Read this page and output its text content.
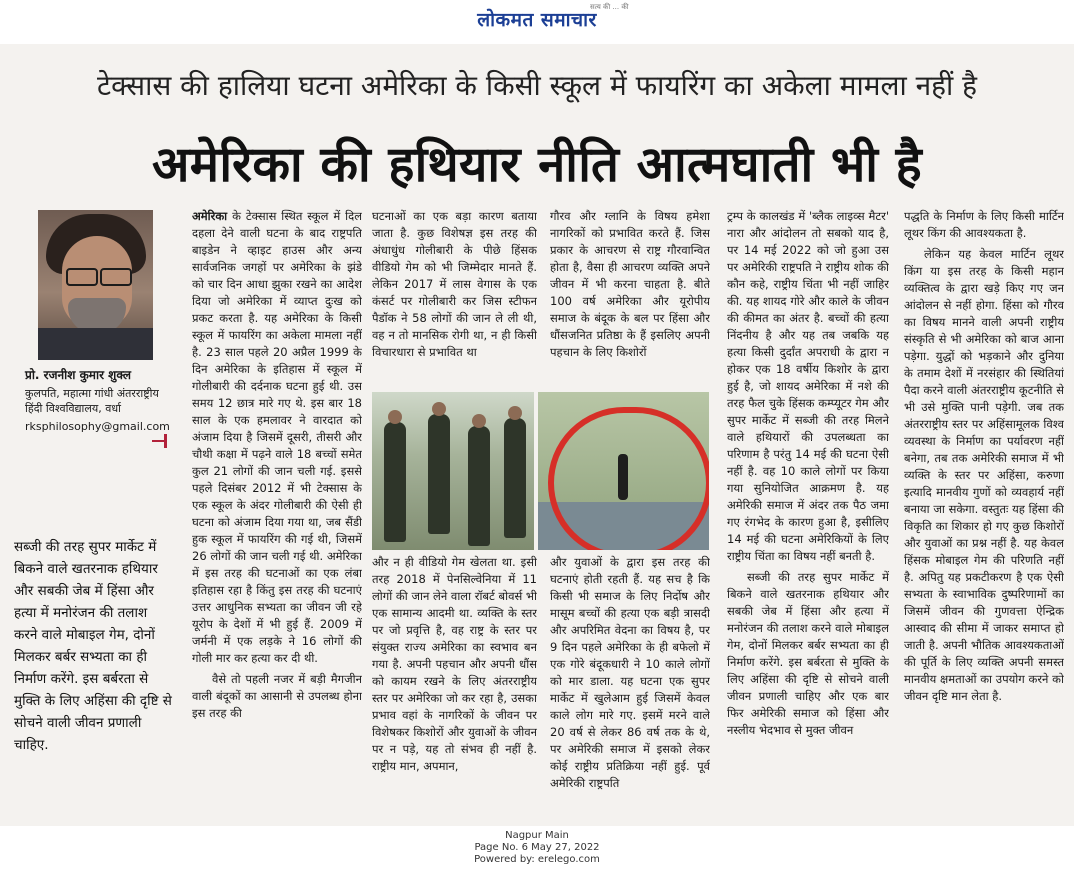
लोकमत समाचार
सत्य की ... की
टेक्सास की हालिया घटना अमेरिका के किसी स्कूल में फायरिंग का अकेला मामला नहीं है
अमेरिका की हथियार नीति आत्मघाती भी है
प्रो. रजनीश कुमार शुक्ल
कुलपति, महात्मा गांधी अंतरराष्ट्रीय हिंदी विश्वविद्यालय, वर्धा
rksphilosophy@gmail.com
सब्जी की तरह सुपर मार्केट में बिकने वाले खतरनाक हथियार और सबकी जेब में हिंसा और हत्या में मनोरंजन की तलाश करने वाले मोबाइल गेम, दोनों मिलकर बर्बर सभ्यता का ही निर्माण करेंगे. इस बर्बरता से मुक्ति के लिए अहिंसा की दृष्टि से सोचने वाली जीवन प्रणाली चाहिए.

अमेरिका के टेक्सास स्थित स्कूल में दिल दहला देने वाली घटना के बाद राष्ट्रपति बाइडेन ने व्हाइट हाउस और अन्य सार्वजनिक जगहों पर अमेरिका के झंडे को चार दिन आधा झुका रखने का आदेश दिया जो अमेरिका में व्याप्त दुःख को प्रकट करता है. यह अमेरिका के किसी स्कूल में फायरिंग का अकेला मामला नहीं है. 23 साल पहले 20 अप्रैल 1999 के दिन अमेरिका के इतिहास में स्कूल में गोलीबारी की दर्दनाक घटना हुई थी. उस समय 12 छात्र मारे गए थे. इस बार 18 साल के एक हमलावर ने वारदात को अंजाम दिया है जिसमें दूसरी, तीसरी और चौथी कक्षा में पढ़ने वाले 18 बच्चों समेत कुल 21 लोगों की जान चली गई. इससे पहले दिसंबर 2012 में भी टेक्सास के एक स्कूल के अंदर गोलीबारी की ऐसी ही घटना को अंजाम दिया गया था, जब सैंडी हुक स्कूल में फायरिंग की गई थी, जिसमें 26 लोगों की जान चली गई थी. अमेरिका में इस तरह की घटनाओं का एक लंबा इतिहास रहा है किंतु इस तरह की घटनाएं उत्तर आधुनिक सभ्यता का जीवन जी रहे यूरोप के देशों में भी हुई हैं. 2009 में जर्मनी में एक लड़के ने 16 लोगों की गोली मार कर हत्या कर दी थी.

वैसे तो पहली नजर में बड़ी मैगजीन वाली बंदूकों का आसानी से उपलब्ध होना इस तरह की

घटनाओं का एक बड़ा कारण बताया जाता है. कुछ विशेषज्ञ इस तरह की अंधाधुंध गोलीबारी के पीछे हिंसक वीडियो गेम को भी जिम्मेदार मानते हैं. लेकिन 2017 में लास वेगास के एक कंसर्ट पर गोलीबारी कर जिस स्टीफन पैडॉक ने 58 लोगों की जान ले ली थी, वह न तो मानसिक रोगी था, न ही किसी विचारधारा से प्रभावित था
गौरव और ग्लानि के विषय हमेशा नागरिकों को प्रभावित करते हैं. जिस प्रकार के आचरण से राष्ट्र गौरवान्वित होता है, वैसा ही आचरण व्यक्ति अपने जीवन में भी करना चाहता है. बीते 100 वर्ष अमेरिका और यूरोपीय समाज के बंदूक के बल पर हिंसा और धौंसजनित प्रतिष्ठा के हैं इसलिए अपनी पहचान के लिए किशोरों
और न ही वीडियो गेम खेलता था. इसी तरह 2018 में पेनसिल्वेनिया में 11 लोगों की जान लेने वाला रॉबर्ट बोवर्स भी एक सामान्य आदमी था. व्यक्ति के स्तर पर जो प्रवृत्ति है, वह राष्ट्र के स्तर पर संयुक्त राज्य अमेरिका का स्वभाव बन गया है. अपनी पहचान और अपनी धौंस को कायम रखने के लिए अंतरराष्ट्रीय स्तर पर अमेरिका जो कर रहा है, उसका प्रभाव वहां के नागरिकों के जीवन पर विशेषकर किशोरों और युवाओं के जीवन पर न पड़े, यह तो संभव ही नहीं है. राष्ट्रीय मान, अपमान,
और युवाओं के द्वारा इस तरह की घटनाएं होती रहती हैं. यह सच है कि किसी भी समाज के लिए निर्दोष और मासूम बच्चों की हत्या एक बड़ी त्रासदी और अपरिमित वेदना का विषय है, पर 9 दिन पहले अमेरिका के ही बफेलो में एक गोरे बंदूकधारी ने 10 काले लोगों को मार डाला. यह घटना एक सुपर मार्केट में खुलेआम हुई जिसमें केवल काले लोग मारे गए. इसमें मरने वाले 20 वर्ष से लेकर 86 वर्ष तक के थे, पर अमेरिकी समाज में इसको लेकर कोई राष्ट्रीय प्रतिक्रिया नहीं हुई. पूर्व अमेरिकी राष्ट्रपति

ट्रम्प के कालखंड में 'ब्लैक लाइव्स मैटर' नारा और आंदोलन तो सबको याद है, पर 14 मई 2022 को जो हुआ उस पर अमेरिकी राष्ट्रपति ने राष्ट्रीय शोक की कौन कहे, राष्ट्रीय चिंता भी नहीं जाहिर की. यह शायद गोरे और काले के जीवन की कीमत का अंतर है. बच्चों की हत्या निंदनीय है और यह तब जबकि यह हत्या किसी दुर्दांत अपराधी के द्वारा न होकर एक 18 वर्षीय किशोर के द्वारा हुई है, जो शायद अमेरिका में नशे की तरह फैल चुके हिंसक कम्प्यूटर गेम और सुपर मार्केट में सब्जी की तरह मिलने वाले हथियारों की उपलब्धता का परिणाम है परंतु 14 मई की घटना ऐसी नहीं है. वह 10 काले लोगों पर किया गया सुनियोजित आक्रमण है. यह अमेरिकी समाज में अंदर तक पैठ जमा गए रंगभेद के कारण हुआ है, इसीलिए 14 मई की घटना अमेरिकियों के लिए राष्ट्रीय चिंता का विषय नहीं बनती है.

सब्जी की तरह सुपर मार्केट में बिकने वाले खतरनाक हथियार और सबकी जेब में हिंसा और हत्या में मनोरंजन की तलाश करने वाले मोबाइल गेम, दोनों मिलकर बर्बर सभ्यता का ही निर्माण करेंगे. इस बर्बरता से मुक्ति के लिए अहिंसा की दृष्टि से सोचने वाली जीवन प्रणाली चाहिए और एक बार फिर अमेरिकी समाज को हिंसा और नस्लीय भेदभाव से मुक्त जीवन

पद्धति के निर्माण के लिए किसी मार्टिन लूथर किंग की आवश्यकता है.

लेकिन यह केवल मार्टिन लूथर किंग या इस तरह के किसी महान व्यक्तित्व के द्वारा खड़े किए गए जन आंदोलन से नहीं होगा. हिंसा को गौरव का विषय मानने वाली अपनी राष्ट्रीय संस्कृति से भी अमेरिका को बाज आना पड़ेगा. युद्धों को भड़काने और दुनिया के तमाम देशों में नरसंहार की स्थितियां पैदा करने वाली अंतरराष्ट्रीय कूटनीति से भी उसे मुक्ति पानी पड़ेगी. जब तक अंतरराष्ट्रीय स्तर पर अहिंसामूलक विश्व व्यवस्था के निर्माण का पर्यावरण नहीं बनेगा, तब तक अमेरिकी समाज में भी व्यक्ति के स्तर पर अहिंसा, करुणा इत्यादि मानवीय गुणों को व्यवहार्य नहीं बनाया जा सकेगा. वस्तुतः यह हिंसा की विकृति का शिकार हो गए कुछ किशोरों और युवाओं का प्रश्न नहीं है. यह केवल हिंसक मोबाइल गेम की परिणति नहीं है. अपितु यह प्रकटीकरण है एक ऐसी सभ्यता के स्वाभाविक दुष्परिणामों का जिसमें जीवन की गुणवत्ता ऐन्द्रिक आस्वाद की सीमा में जाकर समाप्त हो जाती है. अपनी भौतिक आवश्यकताओं की पूर्ति के लिए व्यक्ति अपनी समस्त मानवीय क्षमताओं का उपयोग करने को जीवन दृष्टि मान लेता है.

Nagpur Main
Page No. 6 May 27, 2022
Powered by: erelego.com
